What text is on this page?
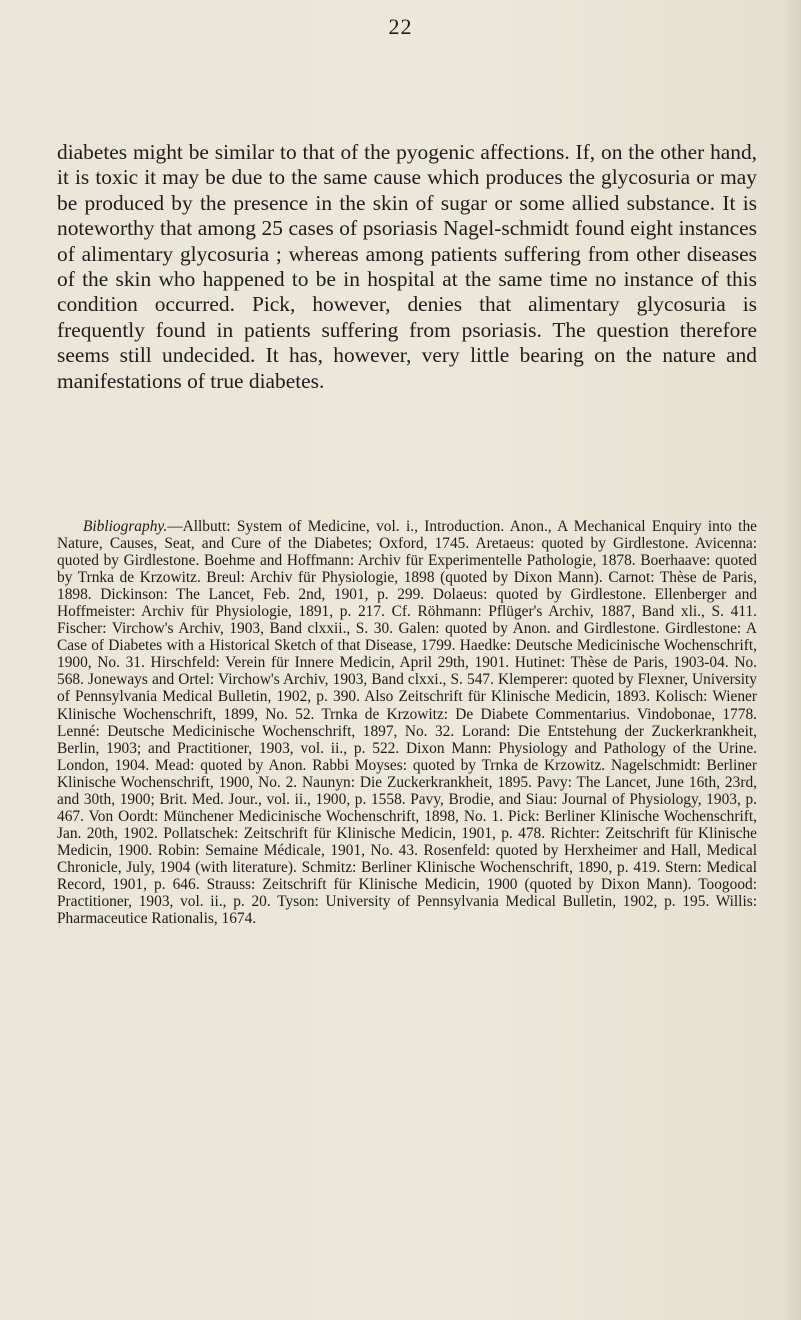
22

diabetes might be similar to that of the pyogenic affections. If, on the other hand, it is toxic it may be due to the same cause which produces the glycosuria or may be produced by the presence in the skin of sugar or some allied substance. It is noteworthy that among 25 cases of psoriasis Nagel-schmidt found eight instances of alimentary glycosuria ; whereas among patients suffering from other diseases of the skin who happened to be in hospital at the same time no instance of this condition occurred. Pick, however, denies that alimentary glycosuria is frequently found in patients suffering from psoriasis. The question therefore seems still undecided. It has, however, very little bearing on the nature and manifestations of true diabetes.

Bibliography.—Allbutt: System of Medicine, vol. i., Introduction. Anon., A Mechanical Enquiry into the Nature, Causes, Seat, and Cure of the Diabetes; Oxford, 1745. Aretaeus: quoted by Girdlestone. Avicenna: quoted by Girdlestone. Boehme and Hoffmann: Archiv für Experimentelle Pathologie, 1878. Boerhaave: quoted by Trnka de Krzowitz. Breul: Archiv für Physiologie, 1898 (quoted by Dixon Mann). Carnot: Thèse de Paris, 1898. Dickinson: The Lancet, Feb. 2nd, 1901, p. 299. Dolaeus: quoted by Girdlestone. Ellenberger and Hoffmeister: Archiv für Physiologie, 1891, p. 217. Cf. Röhmann: Pflüger's Archiv, 1887, Band xli., S. 411. Fischer: Virchow's Archiv, 1903, Band clxxii., S. 30. Galen: quoted by Anon. and Girdlestone. Girdlestone: A Case of Diabetes with a Historical Sketch of that Disease, 1799. Haedke: Deutsche Medicinische Wochenschrift, 1900, No. 31. Hirschfeld: Verein für Innere Medicin, April 29th, 1901. Hutinet: Thèse de Paris, 1903-04. No. 568. Joneways and Ortel: Virchow's Archiv, 1903, Band clxxi., S. 547. Klemperer: quoted by Flexner, University of Pennsylvania Medical Bulletin, 1902, p. 390. Also Zeitschrift für Klinische Medicin, 1893. Kolisch: Wiener Klinische Wochenschrift, 1899, No. 52. Trnka de Krzowitz: De Diabete Commentarius. Vindobonae, 1778. Lenné: Deutsche Medicinische Wochenschrift, 1897, No. 32. Lorand: Die Entstehung der Zuckerkrankheit, Berlin, 1903; and Practitioner, 1903, vol. ii., p. 522. Dixon Mann: Physiology and Pathology of the Urine. London, 1904. Mead: quoted by Anon. Rabbi Moyses: quoted by Trnka de Krzowitz. Nagelschmidt: Berliner Klinische Wochenschrift, 1900, No. 2. Naunyn: Die Zuckerkrankheit, 1895. Pavy: The Lancet, June 16th, 23rd, and 30th, 1900; Brit. Med. Jour., vol. ii., 1900, p. 1558. Pavy, Brodie, and Siau: Journal of Physiology, 1903, p. 467. Von Oordt: Münchener Medicinische Wochenschrift, 1898, No. 1. Pick: Berliner Klinische Wochenschrift, Jan. 20th, 1902. Pollatschek: Zeitschrift für Klinische Medicin, 1901, p. 478. Richter: Zeitschrift für Klinische Medicin, 1900. Robin: Semaine Médicale, 1901, No. 43. Rosenfeld: quoted by Herxheimer and Hall, Medical Chronicle, July, 1904 (with literature). Schmitz: Berliner Klinische Wochenschrift, 1890, p. 419. Stern: Medical Record, 1901, p. 646. Strauss: Zeitschrift für Klinische Medicin, 1900 (quoted by Dixon Mann). Toogood: Practitioner, 1903, vol. ii., p. 20. Tyson: University of Pennsylvania Medical Bulletin, 1902, p. 195. Willis: Pharmaceutice Rationalis, 1674.
